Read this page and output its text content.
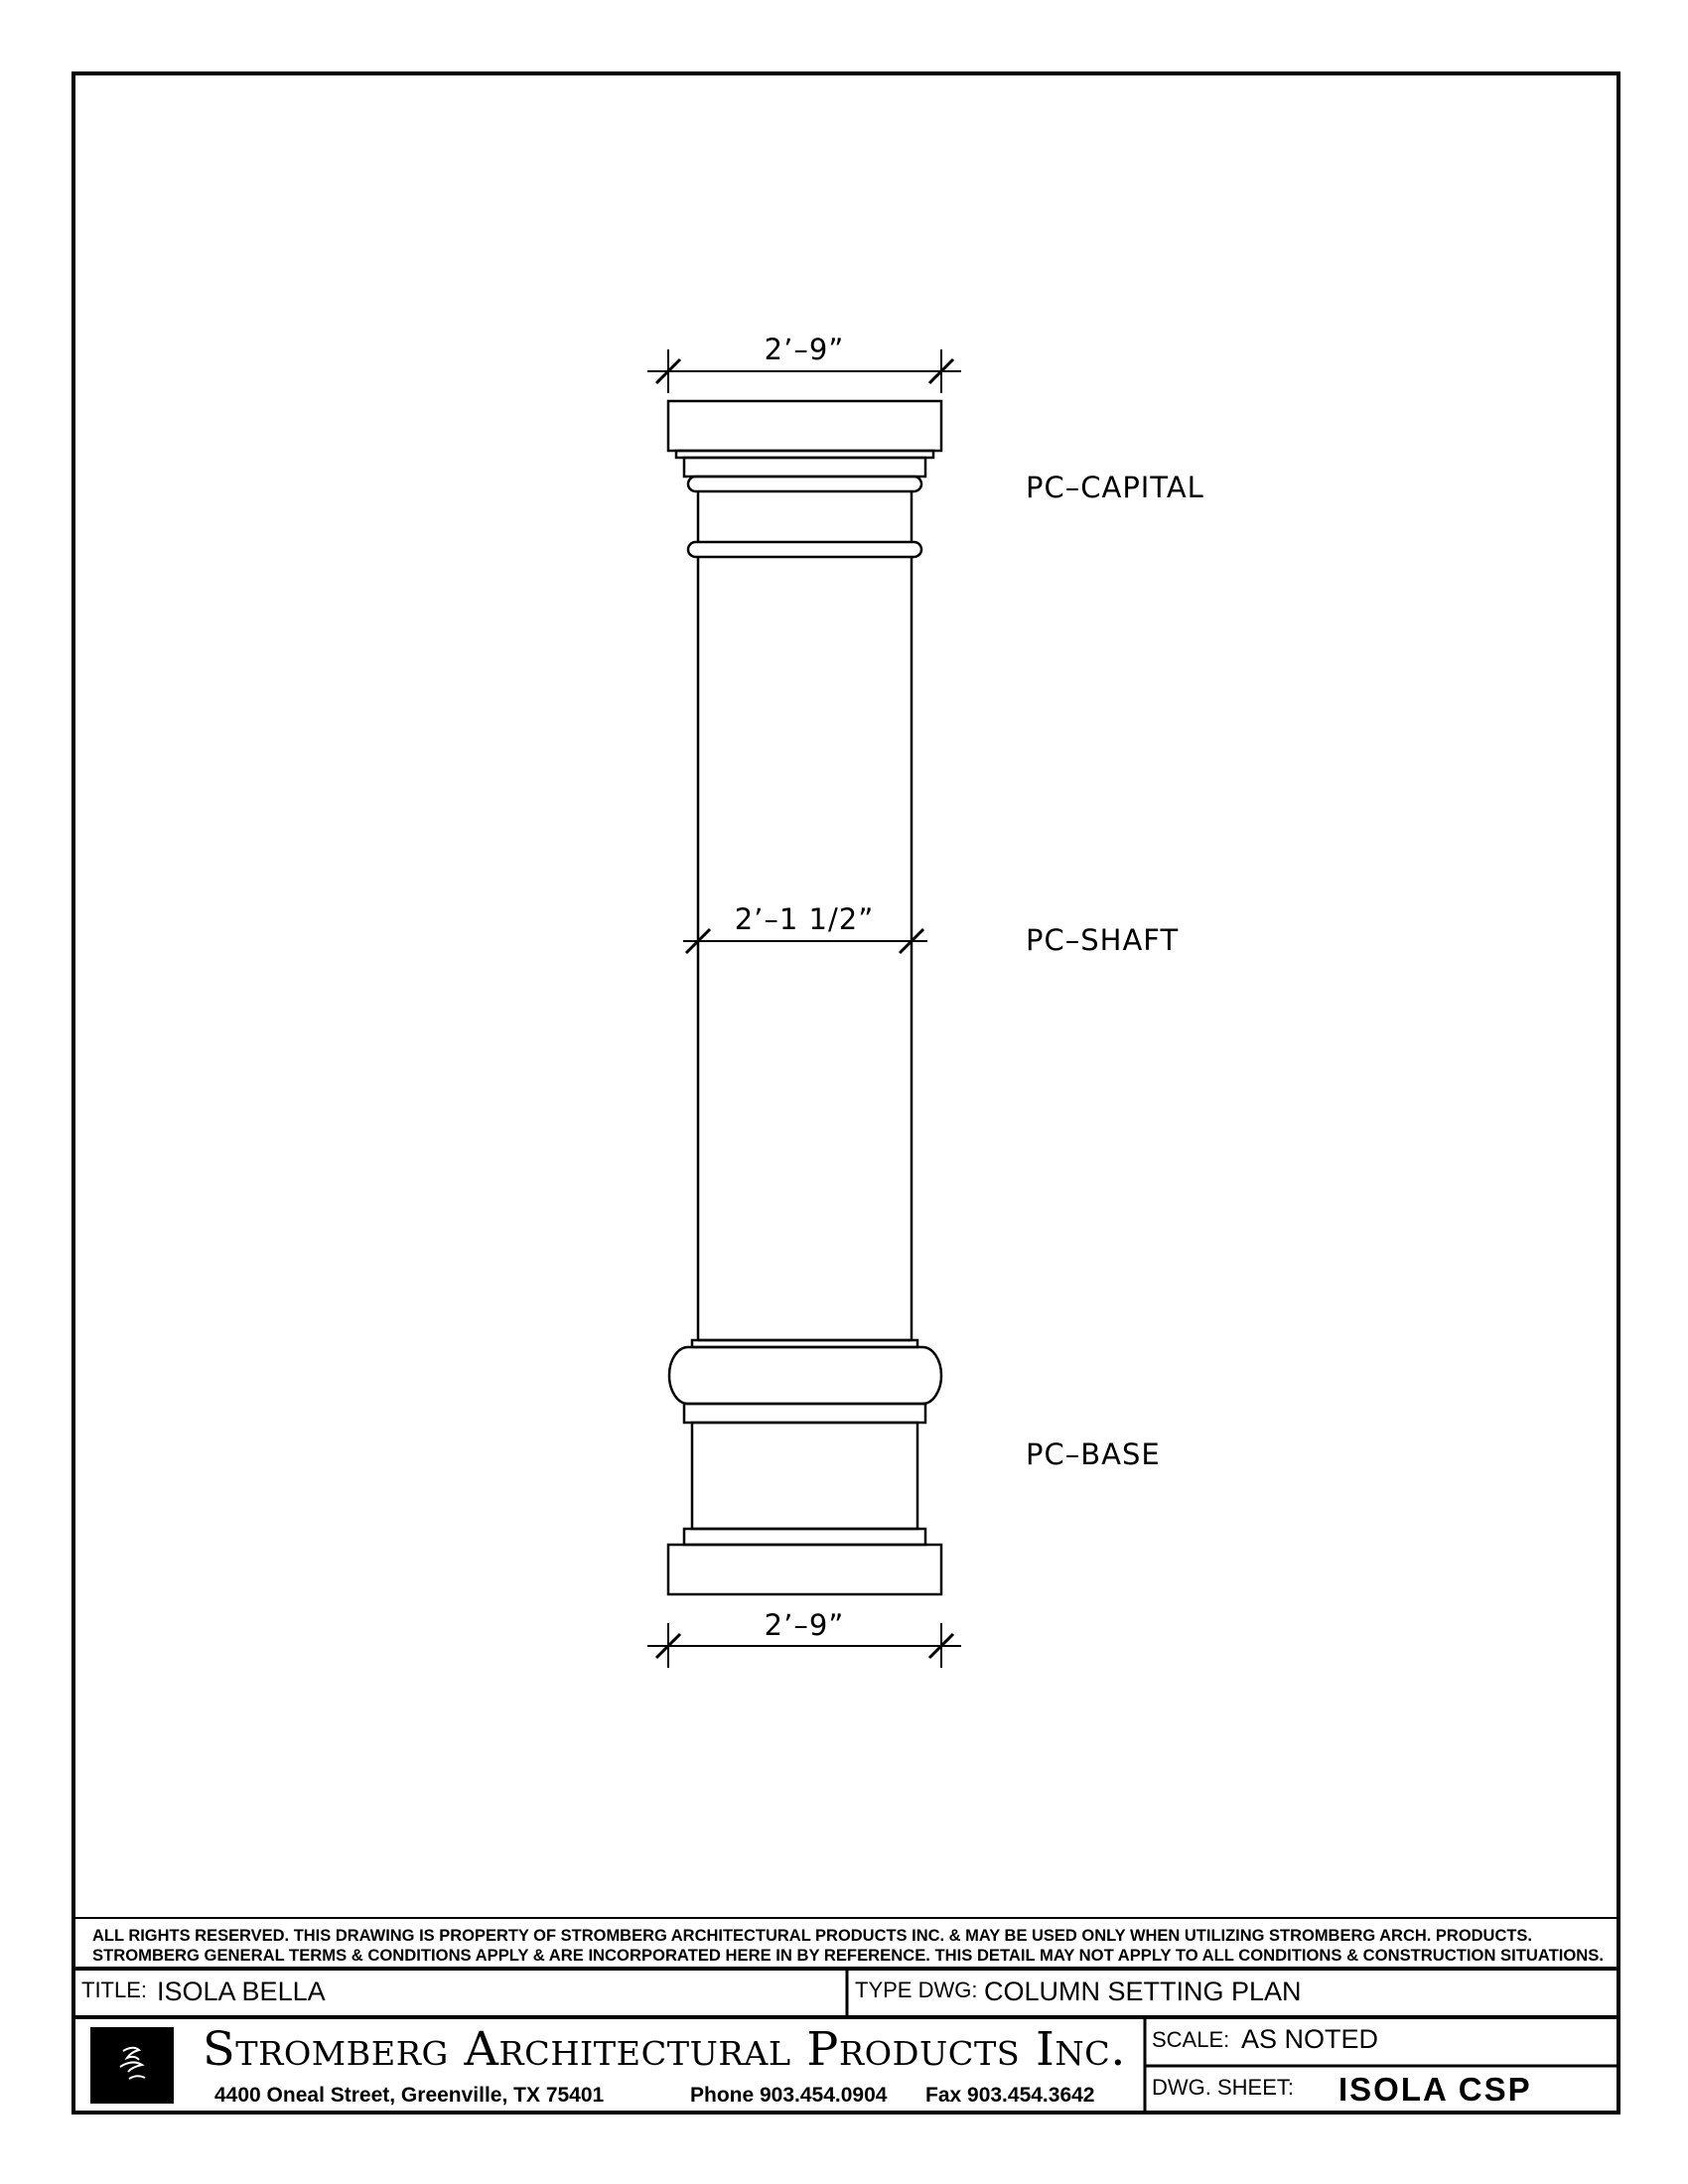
2’–9”
2’–1 1/2”
2’–9”
PC–CAPITAL
PC–SHAFT
PC–BASE
ALL RIGHTS RESERVED. THIS DRAWING IS PROPERTY OF STROMBERG ARCHITECTURAL PRODUCTS INC. & MAY BE USED ONLY WHEN UTILIZING STROMBERG ARCH. PRODUCTS.
STROMBERG GENERAL TERMS & CONDITIONS APPLY & ARE INCORPORATED HERE IN BY REFERENCE. THIS DETAIL MAY NOT APPLY TO ALL CONDITIONS & CONSTRUCTION SITUATIONS.
TITLE: ISOLA BELLA	TYPE DWG: COLUMN SETTING PLAN
Stromberg Architectural Products Inc.
4400 Oneal Street, Greenville, TX 75401	Phone 903.454.0904 Fax 903.454.3642
SCALE: AS NOTED
DWG. SHEET: ISOLA CSP
